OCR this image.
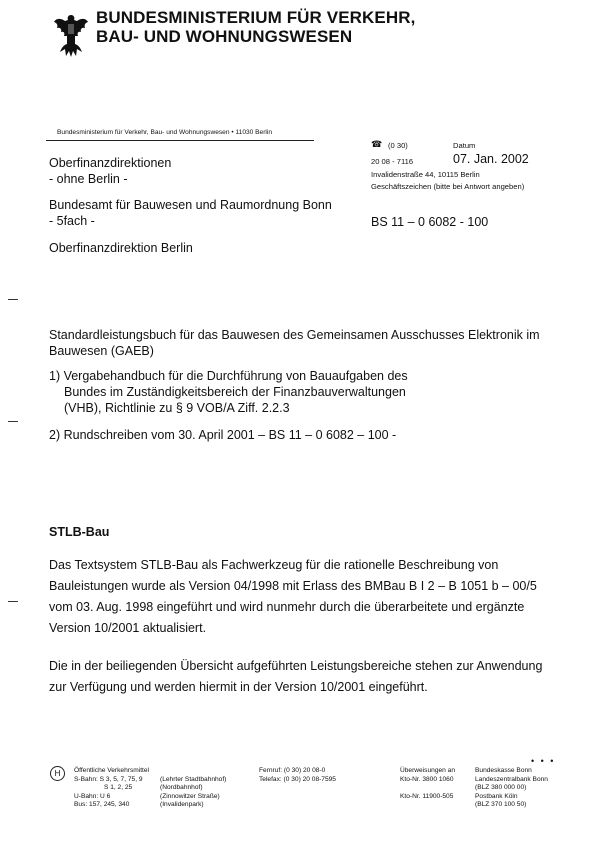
BUNDESMINISTERIUM FÜR VERKEHR,
BAU- UND WOHNUNGSWESEN
Bundesministerium für Verkehr, Bau- und Wohnungswesen • 11030 Berlin
Oberfinanzdirektionen
- ohne Berlin -
Bundesamt für Bauwesen und Raumordnung Bonn
- 5fach -
Oberfinanzdirektion Berlin
☎ (0 30)	Datum
20 08 - 7116	07. Jan. 2002
Invalidenstraße 44, 10115 Berlin
Geschäftszeichen (bitte bei Antwort angeben)
BS 11 – 0 6082 - 100
Standardleistungsbuch für das Bauwesen des Gemeinsamen Ausschusses Elektronik im
Bauwesen (GAEB)
1) Vergabehandbuch für die Durchführung von Bauaufgaben des
Bundes im Zuständigkeitsbereich der Finanzbauverwaltungen
(VHB), Richtlinie zu § 9 VOB/A Ziff. 2.2.3
2) Rundschreiben vom 30. April 2001 – BS 11 – 0 6082 – 100 -
STLB-Bau
Das Textsystem STLB-Bau als Fachwerkzeug für die rationelle Beschreibung von
Bauleistungen wurde als Version 04/1998 mit Erlass des BMBau B I 2 – B 1051 b – 00/5
vom 03. Aug. 1998 eingeführt und wird nunmehr durch die überarbeitete und ergänzte
Version 10/2001 aktualisiert.
Die in der beiliegenden Übersicht aufgeführten Leistungsbereiche stehen zur Anwendung
zur Verfügung und werden hiermit in der Version 10/2001 eingeführt.
• • •
H	Öffentliche Verkehrsmittel
S-Bahn: S 3, 5, 7, 75, 9
S 1, 2, 25
U-Bahn: U 6
Bus: 157, 245, 340

(Lehrter Stadtbahnhof)
(Nordbahnhof)
(Zinnowitzer Straße)
(Invalidenpark)
Fernruf: (0 30) 20 08-0
Telefax: (0 30) 20 08-7595
Überweisungen an
Kto-Nr. 3800 1060

Kto-Nr. 11900-505
Bundeskasse Bonn
Landeszentralbank Bonn
(BLZ 380 000 00)
Postbank Köln
(BLZ 370 100 50)
